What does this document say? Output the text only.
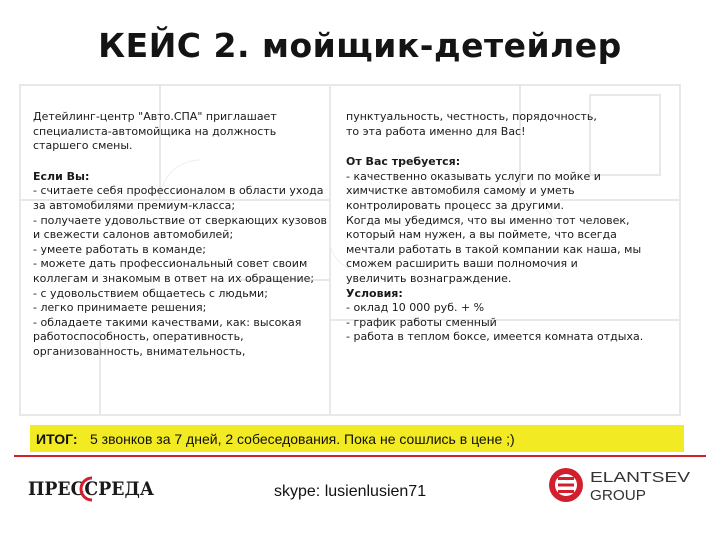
КЕЙС 2. мойщик-детейлер

Детейлинг-центр "Авто.СПА" приглашает
специалиста-автомойщика на должность
старшего смены.

Если Вы:

- считаете себя профессионалом в области ухода
за автомобилями премиум-класса;
- получаете удовольствие от сверкающих кузовов
и свежести салонов автомобилей;
- умеете работать в команде;
- можете дать профессиональный совет своим
коллегам и знакомым в ответ на их обращение;
- с удовольствием общаетесь с людьми;
- легко принимаете решения;
- обладаете такими качествами, как: высокая
работоспособность, оперативность,
организованность, внимательность,

пунктуальность, честность, порядочность,
то эта работа именно для Вас!

От Вас требуется:

- качественно оказывать услуги по мойке и
химчистке автомобиля самому и уметь
контролировать процесс за другими.
Когда мы убедимся, что вы именно тот человек,
который нам нужен, а вы поймете, что всегда
мечтали работать в такой компании как наша, мы
сможем расширить ваши полномочия и
увеличить вознаграждение.

Условия:

- оклад 10 000 руб. + %
- график работы сменный
- работа в теплом боксе, имеется комната отдыха.

ИТОГ: 5 звонков за 7 дней, 2 собеседования. Пока не сошлись в цене ;)
ПРЕССРЕДА	skype: lusienlusien71
ELANTSEV
GROUP
18
